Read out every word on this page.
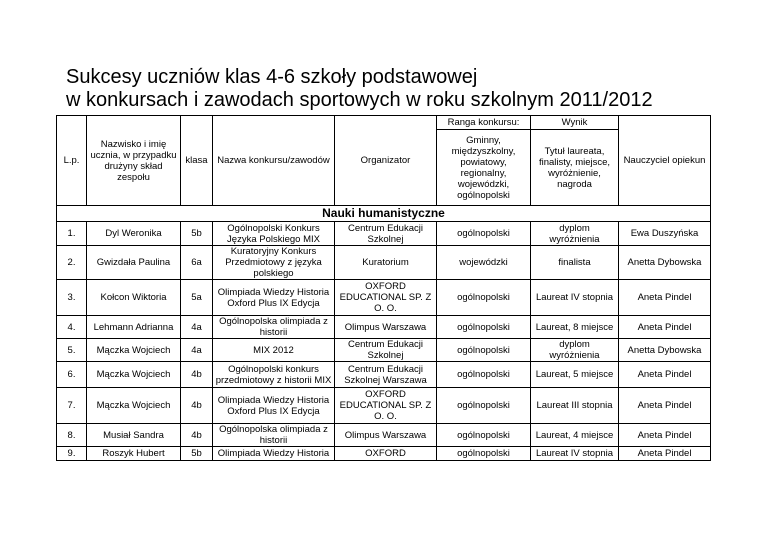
Sukcesy uczniów klas 4-6 szkoły podstawowej
w konkursach i zawodach sportowych w roku szkolnym 2011/2012
L.p.	Nazwisko i imię ucznia, w przypadku drużyny skład zespołu	klasa	Nazwa konkursu/zawodów	Organizator	Ranga konkursu:	Wynik	Nauczyciel opiekun
					Gminny, międzyszkolny, powiatowy, regionalny, wojewódzki, ogólnopolski	Tytuł laureata, finalisty, miejsce, wyróżnienie, nagroda	
Nauki humanistyczne							
1.	Dyl Weronika	5b	Ogólnopolski Konkurs Języka Polskiego MIX	Centrum Edukacji Szkolnej	ogólnopolski	dyplom wyróżnienia	Ewa Duszyńska
2.	Gwizdała Paulina	6a	Kuratoryjny Konkurs Przedmiotowy z języka polskiego	Kuratorium	wojewódzki	finalista	Anetta Dybowska
3.	Kołcon Wiktoria	5a	Olimpiada Wiedzy Historia Oxford Plus IX Edycja	OXFORD EDUCATIONAL SP. Z O. O.	ogólnopolski	Laureat IV stopnia	Aneta Pindel
4.	Lehmann Adrianna	4a	Ogólnopolska olimpiada z historii	Olimpus Warszawa	ogólnopolski	Laureat, 8 miejsce	Aneta Pindel
5.	Mączka Wojciech	4a	MIX 2012	Centrum Edukacji Szkolnej	ogólnopolski	dyplom wyróżnienia	Anetta Dybowska
6.	Mączka Wojciech	4b	Ogólnopolski konkurs przedmiotowy z historii MIX	Centrum Edukacji Szkolnej Warszawa	ogólnopolski	Laureat, 5 miejsce	Aneta Pindel
7.	Mączka Wojciech	4b	Olimpiada Wiedzy Historia Oxford Plus IX Edycja	OXFORD EDUCATIONAL SP. Z O. O.	ogólnopolski	Laureat III stopnia	Aneta Pindel
8.	Musiał Sandra	4b	Ogólnopolska olimpiada z historii	Olimpus Warszawa	ogólnopolski	Laureat, 4 miejsce	Aneta Pindel
9.	Roszyk Hubert	5b	Olimpiada Wiedzy Historia	OXFORD	ogólnopolski	Laureat IV stopnia	Aneta Pindel
